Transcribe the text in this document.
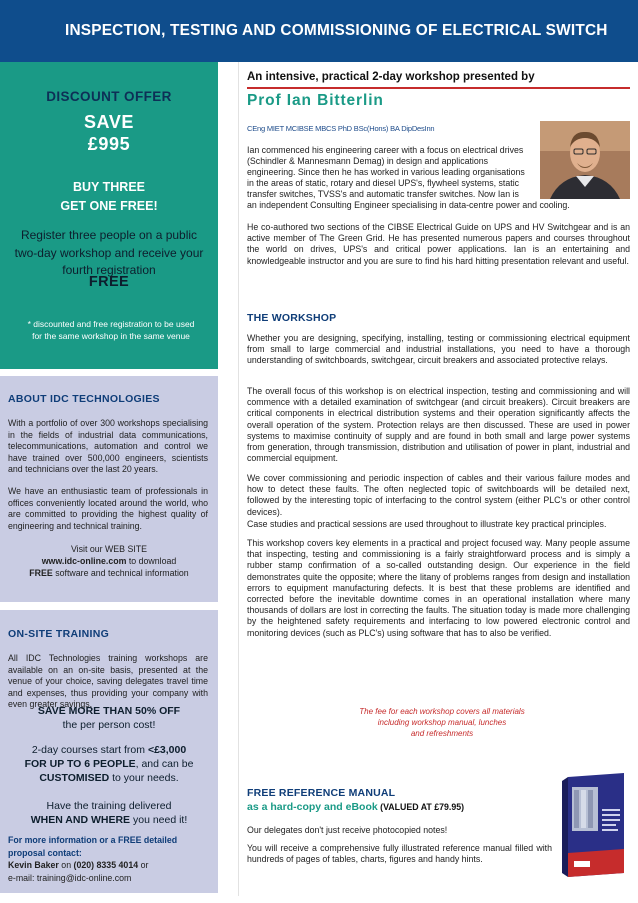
INSPECTION, TESTING AND COMMISSIONING OF ELECTRICAL SWITCH
DISCOUNT OFFER
SAVE
£995
BUY THREE
GET ONE FREE!
Register three people on a public two-day workshop and receive your fourth registration
FREE
* discounted and free registration to be used for the same workshop in the same venue
ABOUT IDC TECHNOLOGIES
With a portfolio of over 300 workshops specialising in the fields of industrial data communications, telecommunications, automation and control we have trained over 500,000 engineers, scientists and technicians over the last 20 years.
We have an enthusiastic team of professionals in offices conveniently located around the world, who are committed to providing the highest quality of engineering and technical training.
Visit our WEB SITE
www.idc-online.com to download
FREE software and technical information
ON-SITE TRAINING
All IDC Technologies training workshops are available on an on-site basis, presented at the venue of your choice, saving delegates travel time and expenses, thus providing your company with even greater savings.
SAVE MORE THAN 50% OFF
the per person cost!
2-day courses start from <£3,000
FOR UP TO 6 PEOPLE, and can be
CUSTOMISED to your needs.
Have the training delivered
WHEN AND WHERE you need it!
For more information or a FREE detailed
proposal contact:
Kevin Baker on (020) 8335 4014 or
e-mail: training@idc-online.com
An intensive, practical 2-day workshop presented by
Prof Ian Bitterlin
CEng MIET MCIBSE MBCS PhD BSc(Hons) BA DipDesInn
Ian commenced his engineering career with a focus on electrical drives
(Schindler & Mannesmann Demag) in design and applications
engineering. Since then he has worked in various leading organisations
in the areas of static, rotary and diesel UPS's, flywheel systems, static
transfer switches, TVSS's and automatic transfer switches. Now Ian is
an independent Consulting Engineer specialising in data-centre power and cooling.
He co-authored two sections of the CIBSE Electrical Guide on UPS and HV Switchgear and is an active member of The Green Grid. He has presented numerous papers and courses throughout the world on drives, UPS's and critical power applications. Ian is an entertaining and knowledgeable instructor and you are sure to find his hard hitting presentation relevant and useful.
THE WORKSHOP
Whether you are designing, specifying, installing, testing or commissioning electrical equipment from small to large commercial and industrial installations, you need to have a thorough understanding of switchboards, switchgear, circuit breakers and associated protective relays.
The overall focus of this workshop is on electrical inspection, testing and commissioning and will commence with a detailed examination of switchgear (and circuit breakers). Circuit breakers are critical components in electrical distribution systems and their operation significantly affects the overall operation of the system. Protection relays are then discussed. These are used in power systems to maximise continuity of supply and are found in both small and large power systems from generation, through transmission, distribution and utilisation of power in plant, industrial and commercial equipment.
We cover commissioning and periodic inspection of cables and their various failure modes and how to detect these faults. The often neglected topic of switchboards will be detailed next, followed by the interesting topic of interfacing to the control system (either PLC's or other control devices).
Case studies and practical sessions are used throughout to illustrate key practical principles.
This workshop covers key elements in a practical and project focused way. Many people assume that inspecting, testing and commissioning is a fairly straightforward process and is simply a rubber stamp confirmation of a so-called outstanding design. Our experience in the field demonstrates quite the opposite; where the litany of problems ranges from design and installation errors to equipment manufacturing defects. It is best that these problems are identified and corrected before the inevitable downtime comes in an operational installation where many thousands of dollars are lost in correcting the faults. The situation today is made more challenging by the heightened safety requirements and interfacing to low powered electronic control and monitoring devices (such as PLC's) using software that has to also be verified.
The fee for each workshop covers all materials
including workshop manual, lunches
and refreshments
FREE REFERENCE MANUAL
as a hard-copy and eBook (VALUED AT £79.95)
Our delegates don't just receive photocopied notes!
You will receive a comprehensive fully illustrated reference manual filled with hundreds of pages of tables, charts, figures and handy hints.
